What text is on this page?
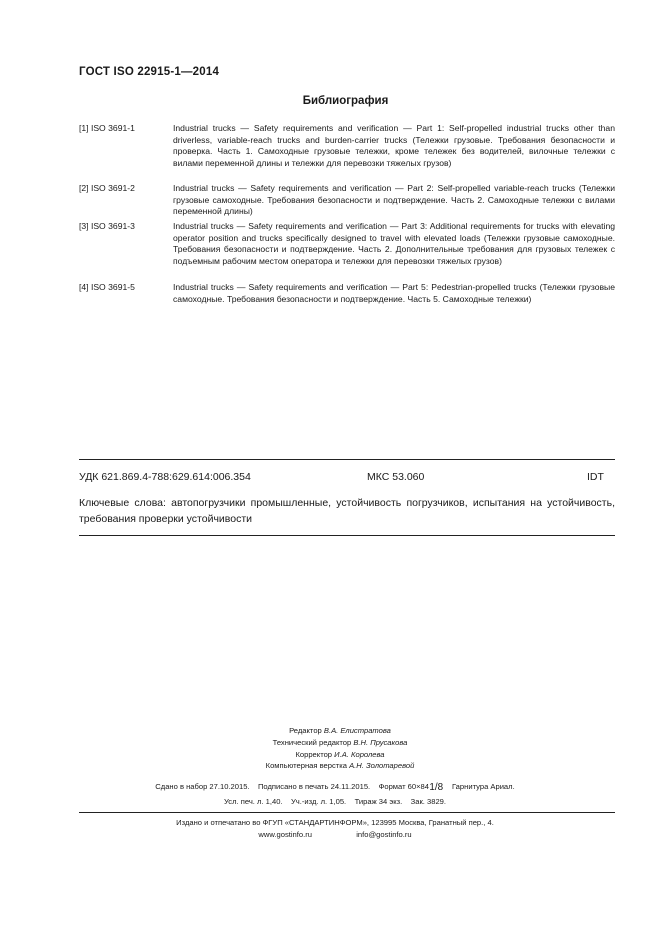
ГОСТ ISO 22915-1—2014
Библиография
[1] ISO 3691-1	Industrial trucks — Safety requirements and verification — Part 1: Self-propelled industrial trucks other than driverless, variable-reach trucks and burden-carrier trucks (Тележки грузовые. Требования безопасности и проверка. Часть 1. Самоходные грузовые тележки, кроме тележек без водителей, вилочные тележки с вилами переменной длины и тележки для перевозки тяжелых грузов)
[2] ISO 3691-2	Industrial trucks — Safety requirements and verification — Part 2: Self-propelled variable-reach trucks (Тележки грузовые самоходные. Требования безопасности и подтверждение. Часть 2. Самоходные тележки с вилами переменной длины)
[3] ISO 3691-3	Industrial trucks — Safety requirements and verification — Part 3: Additional requirements for trucks with elevating operator position and trucks specifically designed to travel with elevated loads (Тележки грузовые самоходные. Требования безопасности и подтверждение. Часть 2. Дополнительные требования для грузовых тележек с подъемным рабочим местом оператора и тележки для перевозки тяжелых грузов)
[4] ISO 3691-5	Industrial trucks — Safety requirements and verification — Part 5: Pedestrian-propelled trucks (Тележки грузовые самоходные. Требования безопасности и подтверждение. Часть 5. Самоходные тележки)
УДК 621.869.4-788:629.614:006.354	МКС 53.060	IDT
Ключевые слова: автопогрузчики промышленные, устойчивость погрузчиков, испытания на устойчивость, требования проверки устойчивости
Редактор В.А. Елистратова
Технический редактор В.Н. Прусакова
Корректор И.А. Королева
Компьютерная верстка А.Н. Золотаревой
Сдано в набор 27.10.2015.    Подписано в печать 24.11.2015.    Формат 60×841/8    Гарнитура Ариал.
Усл. печ. л. 1,40.    Уч.-изд. л. 1,05.    Тираж 34 экз.    Зак. 3829.
Издано и отпечатано во ФГУП «СТАНДАРТИНФОРМ», 123995 Москва, Гранатный пер., 4.
www.gostinfo.ru	info@gostinfo.ru
